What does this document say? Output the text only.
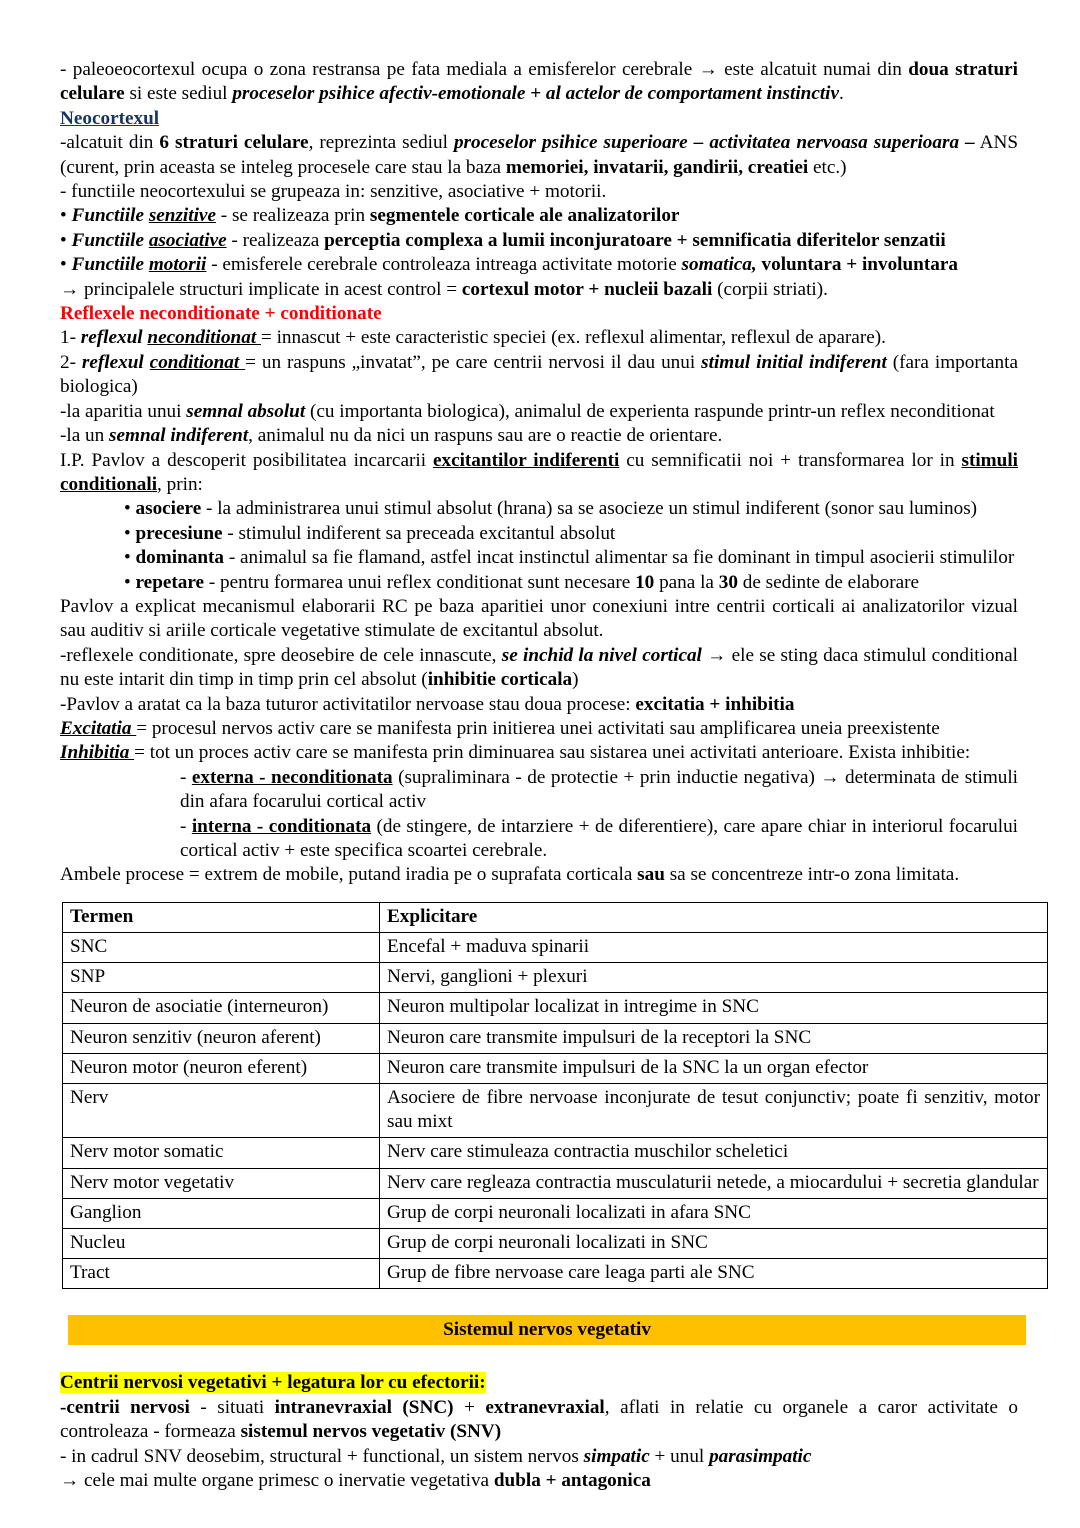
- paleoeocortexul ocupa o zona restransa pe fata mediala a emisferelor cerebrale → este alcatuit numai din doua straturi celulare si este sediul proceselor psihice afectiv-emotionale + al actelor de comportament instinctiv.

Neocortexul

-alcatuit din 6 straturi celulare, reprezinta sediul proceselor psihice superioare – activitatea nervoasa superioara – ANS (curent, prin aceasta se inteleg procesele care stau la baza memoriei, invatarii, gandirii, creatiei etc.)

- functiile neocortexului se grupeaza in: senzitive, asociative + motorii.

• Functiile senzitive - se realizeaza prin segmentele corticale ale analizatorilor

• Functiile asociative - realizeaza perceptia complexa a lumii inconjuratoare + semnificatia diferitelor senzatii

• Functiile motorii - emisferele cerebrale controleaza intreaga activitate motorie somatica, voluntara + involuntara

→ principalele structuri implicate in acest control = cortexul motor + nucleii bazali (corpii striati).

Reflexele neconditionate + conditionate

1- reflexul neconditionat = innascut + este caracteristic speciei (ex. reflexul alimentar, reflexul de aparare).

2- reflexul conditionat = un raspuns „invatat”, pe care centrii nervosi il dau unui stimul initial indiferent (fara importanta biologica)

-la aparitia unui semnal absolut (cu importanta biologica), animalul de experienta raspunde printr-un reflex neconditionat

-la un semnal indiferent, animalul nu da nici un raspuns sau are o reactie de orientare.

I.P. Pavlov a descoperit posibilitatea incarcarii excitantilor indiferenti cu semnificatii noi + transformarea lor in stimuli conditionali, prin:

• asociere - la administrarea unui stimul absolut (hrana) sa se asocieze un stimul indiferent (sonor sau luminos)

• precesiune - stimulul indiferent sa preceada excitantul absolut

• dominanta - animalul sa fie flamand, astfel incat instinctul alimentar sa fie dominant in timpul asocierii stimulilor

• repetare - pentru formarea unui reflex conditionat sunt necesare 10 pana la 30 de sedinte de elaborare

Pavlov a explicat mecanismul elaborarii RC pe baza aparitiei unor conexiuni intre centrii corticali ai analizatorilor vizual sau auditiv si ariile corticale vegetative stimulate de excitantul absolut.

-reflexele conditionate, spre deosebire de cele innascute, se inchid la nivel cortical → ele se sting daca stimulul conditional nu este intarit din timp in timp prin cel absolut (inhibitie corticala)

-Pavlov a aratat ca la baza tuturor activitatilor nervoase stau doua procese: excitatia + inhibitia

Excitatia = procesul nervos activ care se manifesta prin initierea unei activitati sau amplificarea uneia preexistente

Inhibitia = tot un proces activ care se manifesta prin diminuarea sau sistarea unei activitati anterioare. Exista inhibitie:

- externa - neconditionata (supraliminara - de protectie + prin inductie negativa) → determinata de stimuli din afara focarului cortical activ

- interna - conditionata (de stingere, de intarziere + de diferentiere), care apare chiar in interiorul focarului cortical activ + este specifica scoartei cerebrale.

Ambele procese = extrem de mobile, putand iradia pe o suprafata corticala sau sa se concentreze intr-o zona limitata.

Termen	Explicitare
SNC	Encefal + maduva spinarii
SNP	Nervi, ganglioni + plexuri
Neuron de asociatie (interneuron)	Neuron multipolar localizat in intregime in SNC
Neuron senzitiv (neuron aferent)	Neuron care transmite impulsuri de la receptori la SNC
Neuron motor (neuron eferent)	Neuron care transmite impulsuri de la SNC la un organ efector
Nerv	Asociere de fibre nervoase inconjurate de tesut conjunctiv; poate fi senzitiv, motor sau mixt
Nerv motor somatic	Nerv care stimuleaza contractia muschilor scheletici
Nerv motor vegetativ	Nerv care regleaza contractia musculaturii netede, a miocardului + secretia glandular
Ganglion	Grup de corpi neuronali localizati in afara SNC
Nucleu	Grup de corpi neuronali localizati in SNC
Tract	Grup de fibre nervoase care leaga parti ale SNC
Sistemul nervos vegetativ
Centrii nervosi vegetativi + legatura lor cu efectorii:

-centrii nervosi - situati intranevraxial (SNC) + extranevraxial, aflati in relatie cu organele a caror activitate o controleaza - formeaza sistemul nervos vegetativ (SNV)

- in cadrul SNV deosebim, structural + functional, un sistem nervos simpatic + unul parasimpatic

→ cele mai multe organe primesc o inervatie vegetativa dubla + antagonica
